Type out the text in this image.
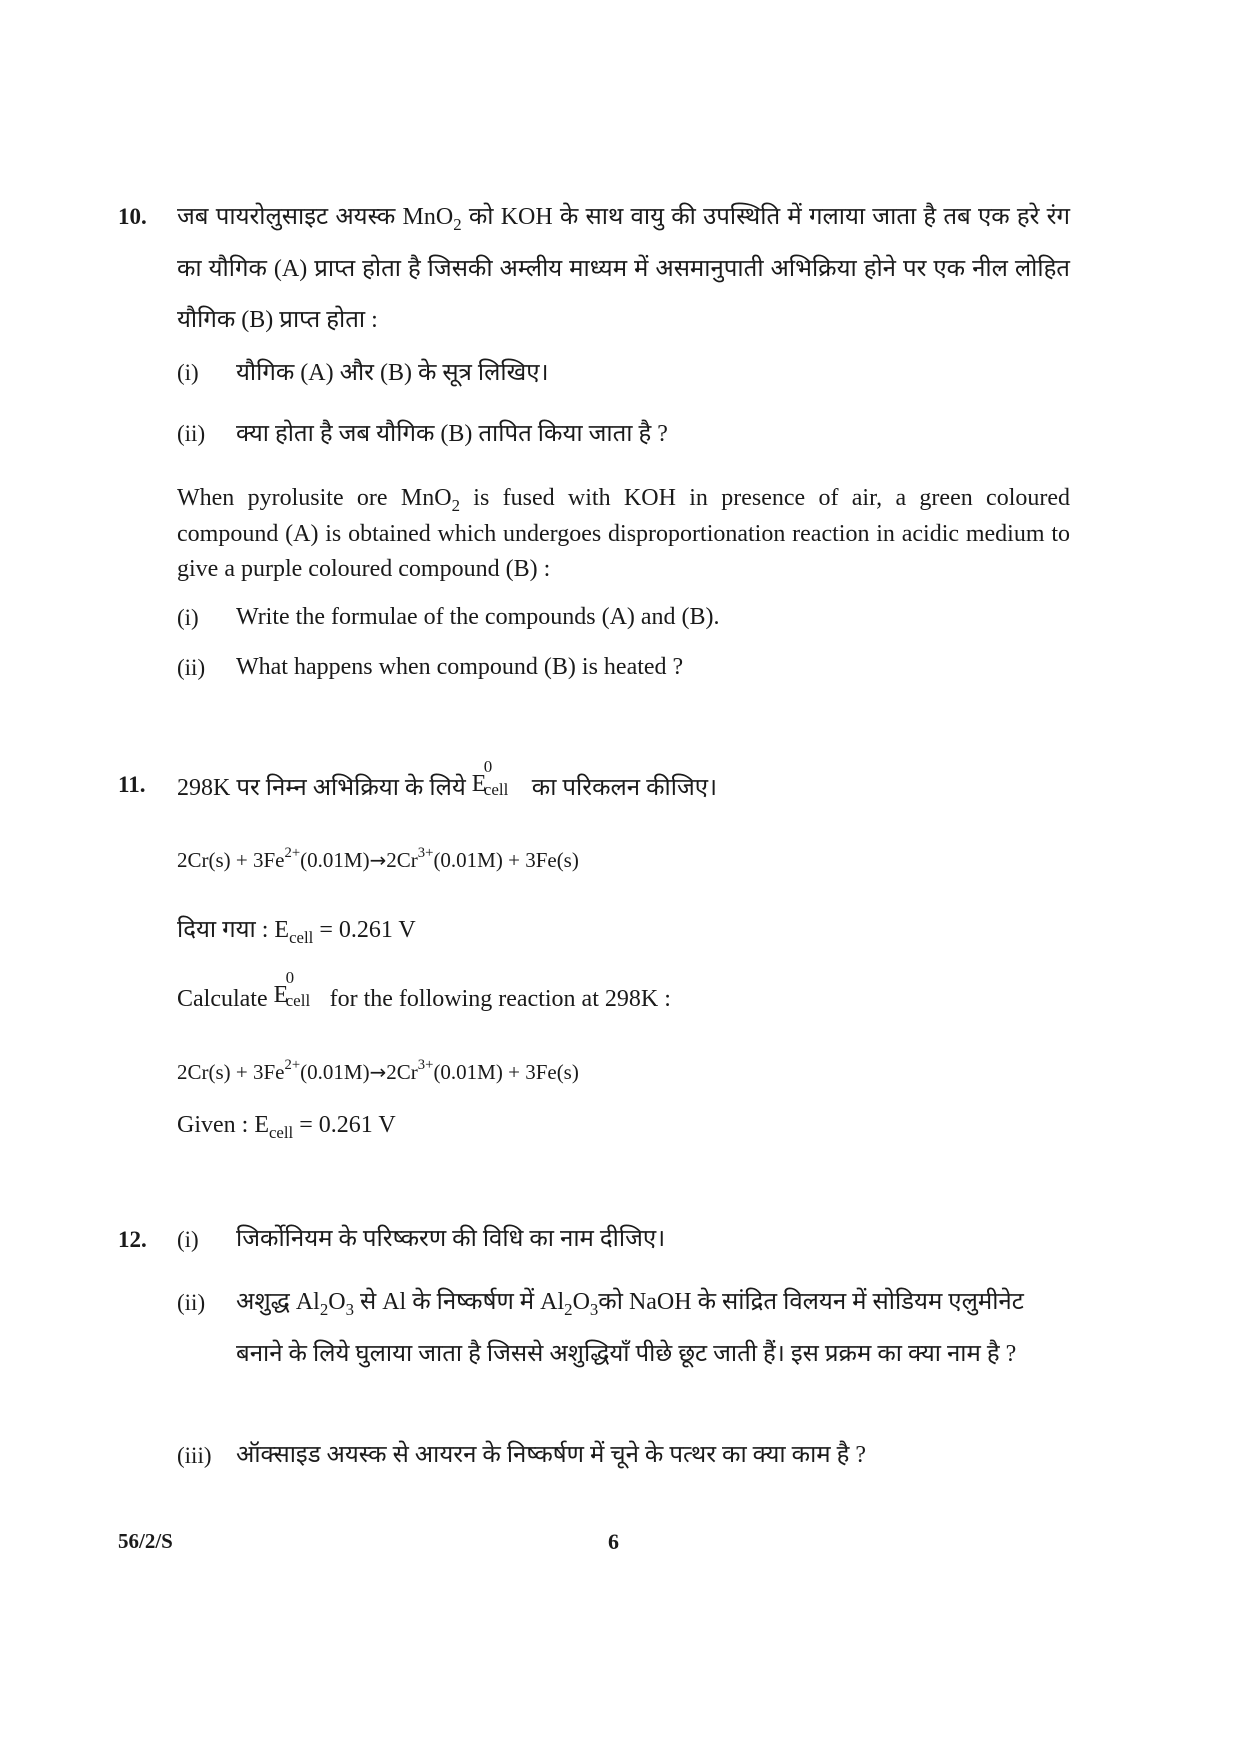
10.	जब पायरोलुसाइट अयस्क MnO$_2$ को KOH के साथ वायु की उपस्थिति में गलाया जाता है तब एक हरे रंग का यौगिक (A) प्राप्त होता है जिसकी अम्लीय माध्यम में असमानुपाती अभिक्रिया होने पर एक नील लोहित यौगिक (B) प्राप्त होता :
(i) यौगिक (A) और (B) के सूत्र लिखिए।
(ii) क्या होता है जब यौगिक (B) तापित किया जाता है ?
When pyrolusite ore MnO$_2$ is fused with KOH in presence of air, a green coloured compound (A) is obtained which undergoes disproportionation reaction in acidic medium to give a purple coloured compound (B) :
(i) Write the formulae of the compounds (A) and (B).
(ii) What happens when compound (B) is heated ?
11.	298K पर निम्न अभिक्रिया के लिये E
0
cell का परिकलन कीजिए।
$2Cr(s) + 3Fe^{2+}(0.01M)\to 2Cr^{3+}(0.01M) + 3Fe(s)$
दिया गया : $E_{cell} = 0.261$ V
Calculate E
0
cell for the following reaction at 298K :
$2Cr(s) + 3Fe^{2+}(0.01M)\to 2Cr^{3+}(0.01M) + 3Fe(s)$
Given : $E_{cell} = 0.261$ V
12.	(i) जिर्कोनियम के परिष्करण की विधि का नाम दीजिए।
(ii) अशुद्ध $Al_2O_3$ से Al के निष्कर्षण में $Al_2O_3को$ NaOH के सांद्रित विलयन में सोडियम एलुमीनेट बनाने के लिये घुलाया जाता है जिससे अशुद्धियाँ पीछे छूट जाती हैं। इस प्रक्रम का क्या नाम है ?
(iii) ऑक्साइड अयस्क से आयरन के निष्कर्षण में चूने के पत्थर का क्या काम है ?
56/2/S	6
